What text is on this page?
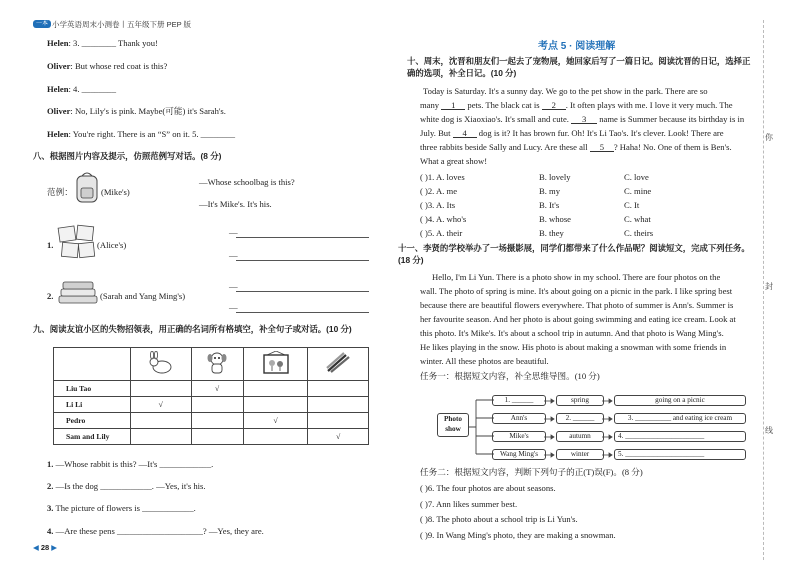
一本 小学英语周末小测卷丨五年级下册 PEP 版
Helen: 3. ________ Thank you!
Oliver: But whose red coat is this?
Helen: 4. ________
Oliver: No, Lily's is pink. Maybe(可能) it's Sarah's.
Helen: You're right. There is an “S” on it. 5. ________
八、根据图片内容及提示，仿照范例写对话。(8 分)
范例：	(Mike's)
—Whose schoolbag is this?
—It's Mike's. It's his.
1.	(Alice's)
—
—
2.	(Sarah and Yang Ming's)
—
—
九、阅读友谊小区的失物招领表，用正确的名词所有格填空，补全句子或对话。(10 分)

Liu Tao		√		
Li Li	√			
Pedro			√	
Sam and Lily				√
1. —Whose rabbit is this? —It's ____________.
2. —Is the dog ____________. —Yes, it's his.
3. The picture of flowers is ____________.
4. —Are these pens ____________________? —Yes, they are.
◀ 28 ▶
考点 5 · 阅读理解
十、周末，沈晋和朋友们一起去了宠物展，她回家后写了一篇日记。阅读沈晋的日记，选择正确的选项，补全日记。(10 分)
Today is Saturday. It's a sunny day. We go to the pet show in the park. There are so
many 1 pets. The black cat is 2 . It often plays with me. I love it very much. The
white dog is Xiaoxiao's. It's small and cute. 3 name is Summer because its birthday is in
July. But 4 dog is it? It has brown fur. Oh! It's Li Tao's. It's clever. Look! There are
three rabbits beside Sally and Lucy. Are these all 5 ? Haha! No. One of them is Ben's.
What a great show!
( )1. A. loves	B. lovely	C. love
( )2. A. me	B. my	C. mine
( )3. A. Its	B. It's	C. It
( )4. A. who's	B. whose	C. what
( )5. A. their	B. they	C. theirs
十一、李贤的学校举办了一场摄影展，同学们都带来了什么作品呢？阅读短文，完成下列任务。(18 分)
Hello, I'm Li Yun. There is a photo show in my school. There are four photos on the
wall. The photo of spring is mine. It's about going on a picnic in the park. I like spring best
because there are beautiful flowers everywhere. That photo of summer is Ann's. Summer is
her favourite season. And her photo is about going swimming and eating ice cream. Look at
this photo. It's Mike's. It's about a school trip in autumn. And that photo is Wang Ming's.
He likes playing in the snow. His photo is about making a snowman with some friends in
winter. All these photos are beautiful.
任务一：根据短文内容，补全思维导图。(10 分)
Photo show
1. ______	spring	going on a picnic
Ann's	2. ______	3. __________ and eating ice cream
Mike's	autumn	4. ______________________
Wang Ming's	winter	5. ______________________
任务二：根据短文内容，判断下列句子的正(T)误(F)。(8 分)
( )6. The four photos are about seasons.
( )7. Ann likes summer best.
( )8. The photo about a school trip is Li Yun's.
( )9. In Wang Ming's photo, they are making a snowman.
你
封
线
